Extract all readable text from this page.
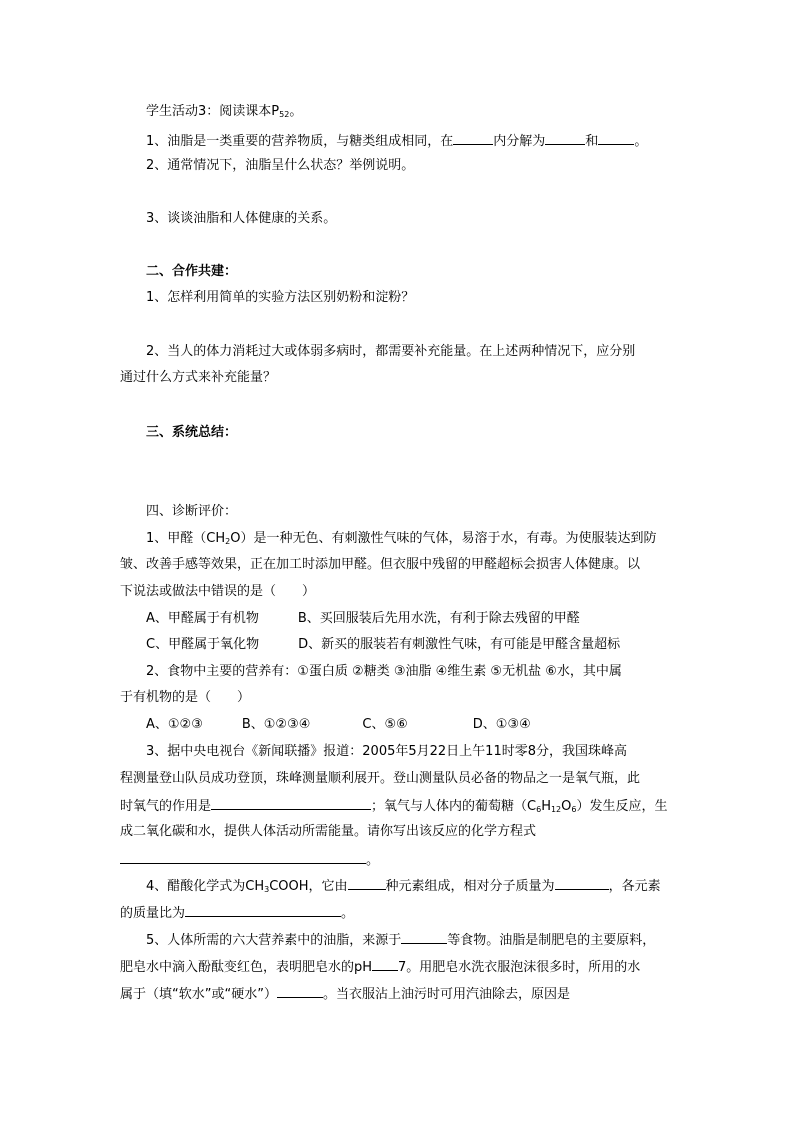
学生活动3：阅读课本$P_{52}$。
1、油脂是一类重要的营养物质，与糖类组成相同，在	内分解为	和	。
2、通常情况下，油脂呈什么状态？举例说明。
3、谈谈油脂和人体健康的关系。
二、合作共建：
1、怎样利用简单的实验方法区别奶粉和淀粉？
2、当人的体力消耗过大或体弱多病时，都需要补充能量。在上述两种情况下，应分别
通过什么方式来补充能量？
三、系统总结：
四、诊断评价：
1、甲醛$(CH_2O)$是一种无色、有刺激性气味的气体，易溶于水，有毒。为使服装达到防
皱、改善手感等效果，正在加工时添加甲醛。但衣服中残留的甲醛超标会损害人体健康。以
下说法或做法中错误的是（　　）
A、甲醛属于有机物　　　B、买回服装后先用水洗，有利于除去残留的甲醛
C、甲醛属于氧化物　　　D、新买的服装若有刺激性气味，有可能是甲醛含量超标
2、食物中主要的营养有：①蛋白质 ②糖类 ③油脂 ④维生素 ⑤无机盐 ⑥水，其中属
于有机物的是（　　）
A、①②③　　　B、①②③④　　　　C、⑤⑥　　　　　D、①③④
3、据中央电视台《新闻联播》报道：2005年5月22日上午11时零8分，我国珠峰高
程测量登山队员成功登顶，珠峰测量顺利展开。登山测量队员必备的物品之一是氧气瓶，此
时氧气的作用是	；氧气与人体内的葡萄糖$(C_6H_{12}O_6)$发生反应，生
成二氧化碳和水，提供人体活动所需能量。请你写出该反应的化学方程式
。
4、醋酸化学式为$CH_3COOH$，它由	种元素组成，相对分子质量为	，各元素
的质量比为	。
5、人体所需的六大营养素中的油脂，来源于	等食物。油脂是制肥皂的主要原料，
肥皂水中滴入酚酞变红色，表明肥皂水的pH 7。用肥皂水洗衣服泡沫很多时，所用的水
属于（填“软水”或“硬水”）	。当衣服沾上油污时可用汽油除去，原因是
